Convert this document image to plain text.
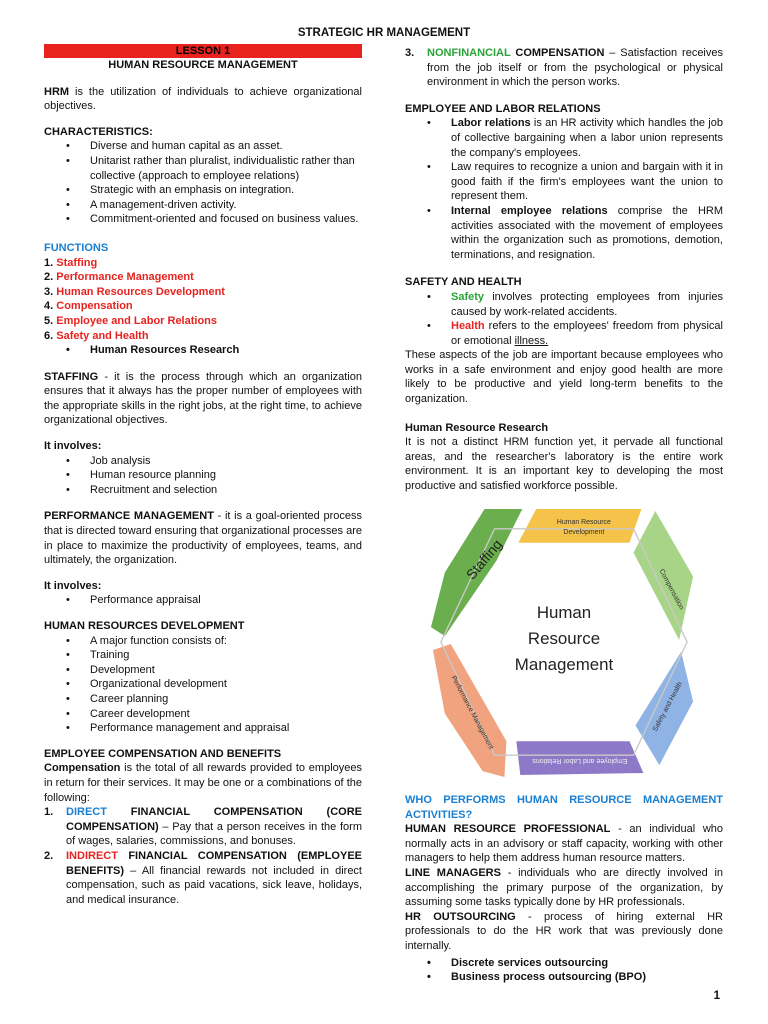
STRATEGIC HR MANAGEMENT
LESSON 1
HUMAN RESOURCE MANAGEMENT
HRM is the utilization of individuals to achieve organizational objectives.
CHARACTERISTICS:
• Diverse and human capital as an asset.
• Unitarist rather than pluralist, individualistic rather than collective (approach to employee relations)
• Strategic with an emphasis on integration.
• A management-driven activity.
• Commitment-oriented and focused on business values.
FUNCTIONS
1. Staffing
2. Performance Management
3. Human Resources Development
4. Compensation
5. Employee and Labor Relations
6. Safety and Health
• Human Resources Research
STAFFING - it is the process through which an organization ensures that it always has the proper number of employees with the appropriate skills in the right jobs, at the right time, to achieve organizational objectives.
It involves:
• Job analysis
• Human resource planning
• Recruitment and selection
PERFORMANCE MANAGEMENT - it is a goal-oriented process that is directed toward ensuring that organizational processes are in place to maximize the productivity of employees, teams, and ultimately, the organization.
It involves:
• Performance appraisal
HUMAN RESOURCES DEVELOPMENT
• A major function consists of:
• Training
• Development
• Organizational development
• Career planning
• Career development
• Performance management and appraisal
EMPLOYEE COMPENSATION AND BENEFITS
Compensation is the total of all rewards provided to employees in return for their services. It may be one or a combinations of the following:
1. DIRECT FINANCIAL COMPENSATION (CORE COMPENSATION) – Pay that a person receives in the form of wages, salaries, commissions, and bonuses.
2. INDIRECT FINANCIAL COMPENSATION (EMPLOYEE BENEFITS) – All financial rewards not included in direct compensation, such as paid vacations, sick leave, holidays, and medical insurance.
3. NONFINANCIAL COMPENSATION – Satisfaction receives from the job itself or from the psychological or physical environment in which the person works.
EMPLOYEE AND LABOR RELATIONS
• Labor relations is an HR activity which handles the job of collective bargaining when a labor union represents the company's employees.
• Law requires to recognize a union and bargain with it in good faith if the firm's employees want the union to represent them.
• Internal employee relations comprise the HRM activities associated with the movement of employees within the organization such as promotions, demotion, terminations, and resignation.
SAFETY AND HEALTH
• Safety involves protecting employees from injuries caused by work-related accidents.
• Health refers to the employees' freedom from physical or emotional illness.
These aspects of the job are important because employees who works in a safe environment and enjoy good health are more likely to be productive and yield long-term benefits to the organization.
Human Resource Research
It is not a distinct HRM function yet, it pervade all functional areas, and the researcher's laboratory is the entire work environment. It is an important key to developing the most productive and satisfied workforce possible.
Staffing
Human Resource
Development
Compensation
Safety and Health
Employee and Labor Relations
Performance Management
Human
Resource
Management
WHO PERFORMS HUMAN RESOURCE MANAGEMENT ACTIVITIES?
HUMAN RESOURCE PROFESSIONAL - an individual who normally acts in an advisory or staff capacity, working with other managers to help them address human resource matters.
LINE MANAGERS - individuals who are directly involved in accomplishing the primary purpose of the organization, by assuming some tasks typically done by HR professionals.
HR OUTSOURCING - process of hiring external HR professionals to do the HR work that was previously done internally.
• Discrete services outsourcing
• Business process outsourcing (BPO)
1
